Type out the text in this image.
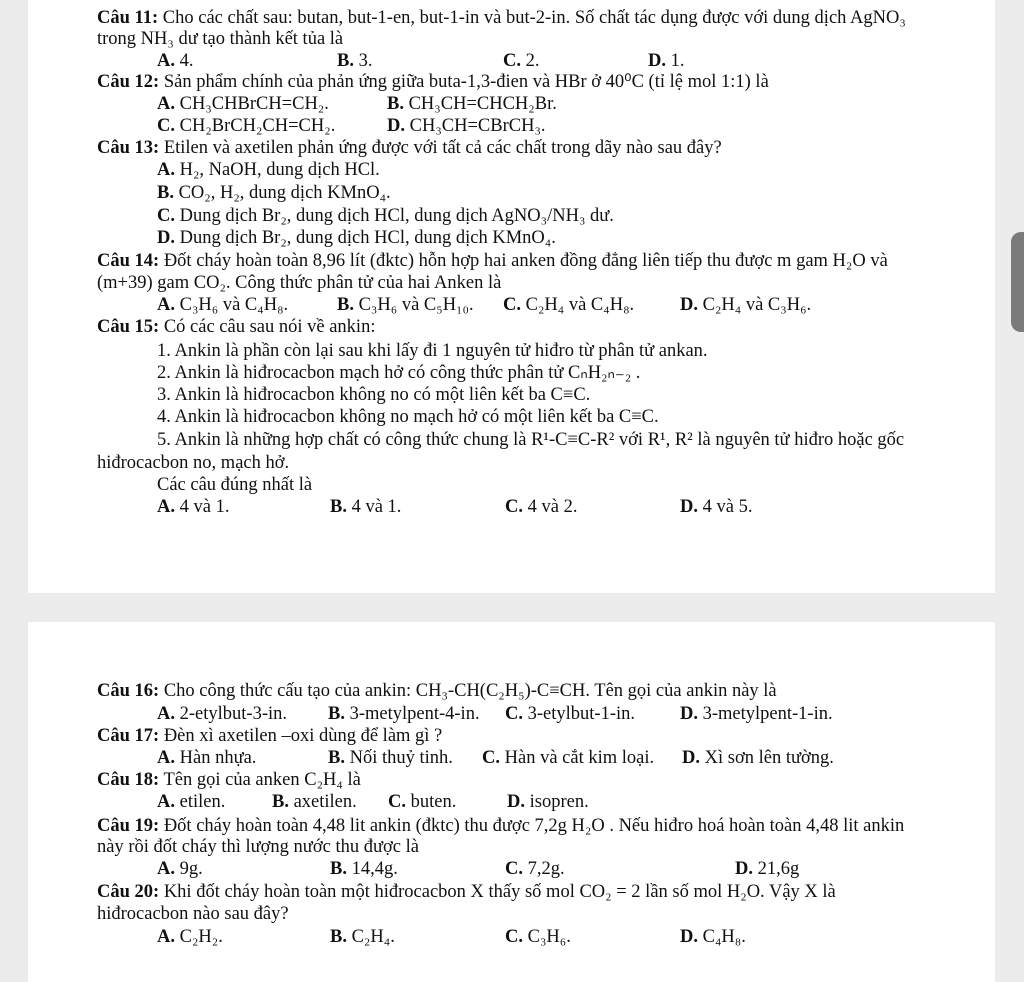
Câu 11: Cho các chất sau: butan, but-1-en, but-1-in và but-2-in. Số chất tác dụng được với dung dịch AgNO₃
trong NH₃ dư tạo thành kết tủa là
A. 4.	B. 3.	C. 2.	D. 1.
Câu 12: Sản phẩm chính của phản ứng giữa buta-1,3-đien và HBr ở 40⁰C (tỉ lệ mol 1:1) là
A. CH₃CHBrCH=CH₂.	B. CH₃CH=CHCH₂Br.
C. CH₂BrCH₂CH=CH₂.	D. CH₃CH=CBrCH₃.
Câu 13: Etilen và axetilen phản ứng được với tất cả các chất trong dãy nào sau đây?
A. H₂, NaOH, dung dịch HCl.
B. CO₂, H₂, dung dịch KMnO₄.
C. Dung dịch Br₂, dung dịch HCl, dung dịch AgNO₃/NH₃ dư.
D. Dung dịch Br₂, dung dịch HCl, dung dịch KMnO₄.
Câu 14: Đốt cháy hoàn toàn 8,96 lít (đktc) hỗn hợp hai anken đồng đẳng liên tiếp thu được m gam H₂O và
(m+39) gam CO₂. Công thức phân tử của hai Anken là
A. C₃H₆ và C₄H₈.	B. C₃H₆ và C₅H₁₀. C. C₂H₄ và C₄H₈. D. C₂H₄ và C₃H₆.
Câu 15: Có các câu sau nói về ankin:
1. Ankin là phần còn lại sau khi lấy đi 1 nguyên tử hiđro từ phân tử ankan.
2. Ankin là hiđrocacbon mạch hở có công thức phân tử CₙH₂ₙ₋₂ .
3. Ankin là hiđrocacbon không no có một liên kết ba C≡C.
4. Ankin là hiđrocacbon không no mạch hở có một liên kết ba C≡C.
5. Ankin là những hợp chất có công thức chung là R¹-C≡C-R² với R¹, R² là nguyên tử hiđro hoặc gốc
hiđrocacbon no, mạch hở.
Các câu đúng nhất là
A. 4 và 1.	B. 4 và 1.	C. 4 và 2.	D. 4 và 5.
Câu 16: Cho công thức cấu tạo của ankin: CH₃-CH(C₂H₅)-C≡CH. Tên gọi của ankin này là
A. 2-etylbut-3-in. B. 3-metylpent-4-in. C. 3-etylbut-1-in. D. 3-metylpent-1-in.
Câu 17: Đèn xì axetilen –oxi dùng để làm gì ?
A. Hàn nhựa.	B. Nối thuỷ tinh. C. Hàn và cắt kim loại. D. Xì sơn lên tường.
Câu 18: Tên gọi của anken C₂H₄ là
A. etilen.	B. axetilen. C. buten.	D. isopren.
Câu 19: Đốt cháy hoàn toàn 4,48 lit ankin (đktc) thu được 7,2g H₂O . Nếu hiđro hoá hoàn toàn 4,48 lit ankin
này rồi đốt cháy thì lượng nước thu được là
A. 9g.	B. 14,4g.	C. 7,2g.	D. 21,6g
Câu 20: Khi đốt cháy hoàn toàn một hiđrocacbon X thấy số mol CO₂ = 2 lần số mol H₂O. Vậy X là
hiđrocacbon nào sau đây?
A. C₂H₂.	B. C₂H₄.	C. C₃H₆.	D. C₄H₈.
